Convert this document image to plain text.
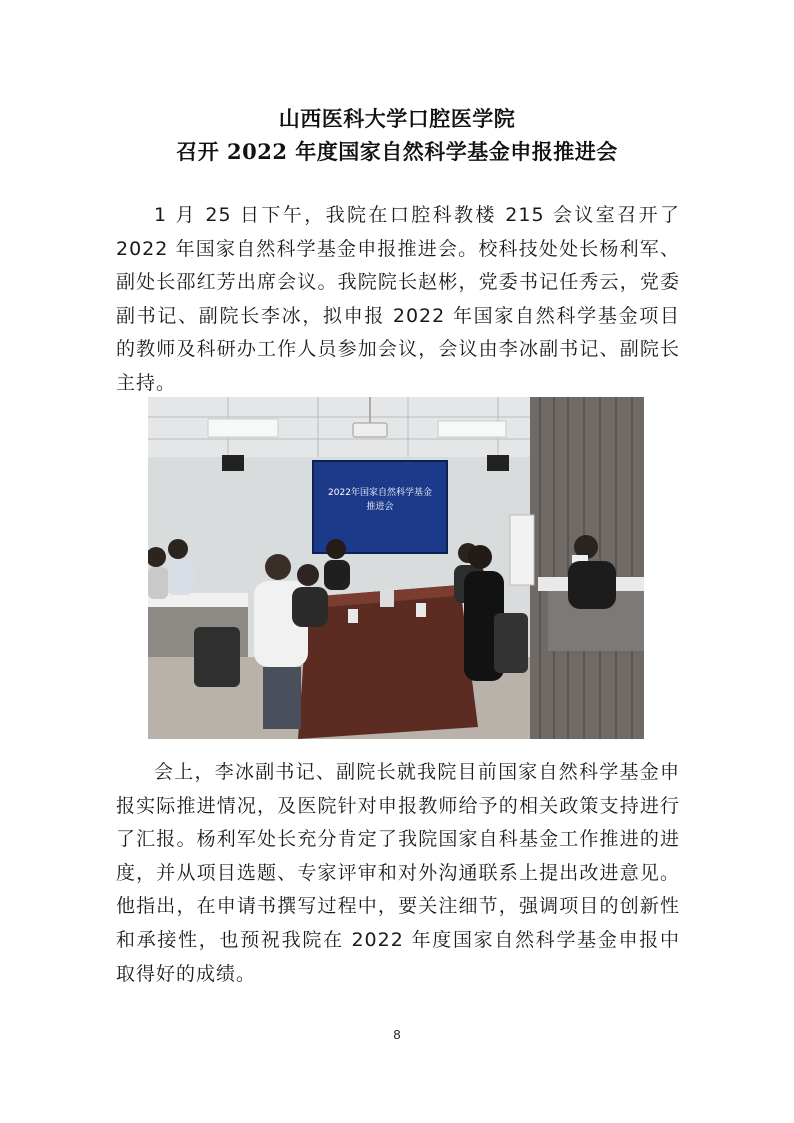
山西医科大学口腔医学院
召开 2022 年度国家自然科学基金申报推进会

1 月 25 日下午，我院在口腔科教楼 215 会议室召开了 2022 年国家自然科学基金申报推进会。校科技处处长杨利军、副处长邵红芳出席会议。我院院长赵彬，党委书记任秀云，党委副书记、副院长李冰，拟申报 2022 年国家自然科学基金项目的教师及科研办工作人员参加会议，会议由李冰副书记、副院长主持。

2022年国家自然科学基金
推进会

会上，李冰副书记、副院长就我院目前国家自然科学基金申报实际推进情况，及医院针对申报教师给予的相关政策支持进行了汇报。杨利军处长充分肯定了我院国家自科基金工作推进的进度，并从项目选题、专家评审和对外沟通联系上提出改进意见。他指出，在申请书撰写过程中，要关注细节，强调项目的创新性和承接性，也预祝我院在 2022 年度国家自然科学基金申报中取得好的成绩。

8
